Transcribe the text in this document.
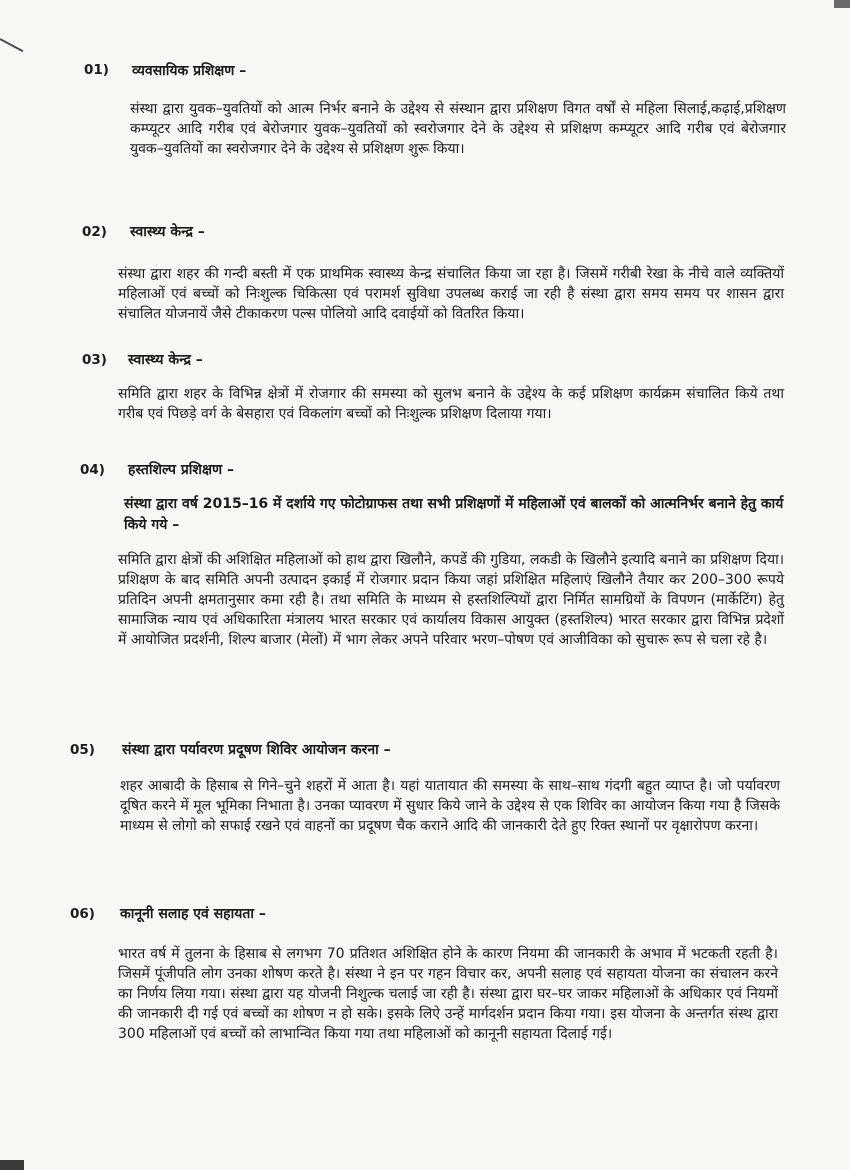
01) व्यवसायिक प्रशिक्षण –
संस्था द्वारा युवक–युवतियों को आत्म निर्भर बनाने के उद्देश्य से संस्थान द्वारा प्रशिक्षण विगत वर्षों से महिला सिलाई,कढ़ाई,प्रशिक्षण कम्प्यूटर आदि गरीब एवं बेरोजगार युवक–युवतियों को स्वरोजगार देने के उद्देश्य से प्रशिक्षण कम्प्यूटर आदि गरीब एवं बेरोजगार युवक–युवतियों का स्वरोजगार देने के उद्देश्य से प्रशिक्षण शुरू किया।
02) स्वास्थ्य केन्द्र –
संस्था द्वारा शहर की गन्दी बस्ती में एक प्राथमिक स्वास्थ्य केन्द्र संचालित किया जा रहा है। जिसमें गरीबी रेखा के नीचे वाले व्यक्तियों महिलाओं एवं बच्चों को निःशुल्क चिकित्सा एवं परामर्श सुविधा उपलब्ध कराई जा रही है संस्था द्वारा समय समय पर शासन द्वारा संचालित योजनायें जैसे टीकाकरण पल्स पोलियो आदि दवाईयों को वितरित किया।
03) स्वास्थ्य केन्द्र –
समिति द्वारा शहर के विभिन्न क्षेत्रों में रोजगार की समस्या को सुलभ बनाने के उद्देश्य के कई प्रशिक्षण कार्यक्रम संचालित किये तथा गरीब एवं पिछड़े वर्ग के बेसहारा एवं विकलांग बच्चों को निःशुल्क प्रशिक्षण दिलाया गया।
04) हस्तशिल्प प्रशिक्षण –
संस्था द्वारा वर्ष 2015–16 में दर्शाये गए फोटोग्राफस तथा सभी प्रशिक्षणों में महिलाओं एवं बालकों को आत्मनिर्भर बनाने हेतु कार्य किये गये –
समिति द्वारा क्षेत्रों की अशिक्षित महिलाओं को हाथ द्वारा खिलौने, कपडें की गुडिया, लकडी के खिलौने इत्यादि बनाने का प्रशिक्षण दिया। प्रशिक्षण के बाद समिति अपनी उत्पादन इकाई में रोजगार प्रदान किया जहां प्रशिक्षित महिलाएं खिलौने तैयार कर 200–300 रूपये प्रतिदिन अपनी क्षमतानुसार कमा रही है। तथा समिति के माध्यम से हस्तशिल्पियों द्वारा निर्मित सामग्रियों के विपणन (मार्केटिंग) हेतु सामाजिक न्याय एवं अधिकारिता मंत्रालय भारत सरकार एवं कार्यालय विकास आयुक्त (हस्तशिल्प) भारत सरकार द्वारा विभिन्न प्रदेशों में आयोजित प्रदर्शनी, शिल्प बाजार (मेलों) में भाग लेकर अपने परिवार भरण–पोषण एवं आजीविका को सुचारू रूप से चला रहे है।
05) संस्था द्वारा पर्यावरण प्रदूषण शिविर आयोजन करना –
शहर आबादी के हिसाब से गिने–चुने शहरों में आता है। यहां यातायात की समस्या के साथ–साथ गंदगी बहुत व्याप्त है। जो पर्यावरण दूषित करने में मूल भूमिका निभाता है। उनका प्यावरण में सुधार किये जाने के उद्देश्य से एक शिविर का आयोजन किया गया है जिसके माध्यम से लोगो को सफाई रखने एवं वाहनों का प्रदूषण चैक कराने आदि की जानकारी देते हुए रिक्त स्थानों पर वृक्षारोपण करना।
06) कानूनी सलाह एवं सहायता –
भारत वर्ष में तुलना के हिसाब से लगभग 70 प्रतिशत अशिक्षित होने के कारण नियमा की जानकारी के अभाव में भटकती रहती है। जिसमें पूंजीपति लोग उनका शोषण करते है। संस्था ने इन पर गहन विचार कर, अपनी सलाह एवं सहायता योजना का संचालन करने का निर्णय लिया गया। संस्था द्वारा यह योजनी निशुल्क चलाई जा रही है। संस्था द्वारा घर–घर जाकर महिलाओं के अधिकार एवं नियमों की जानकारी दी गई एवं बच्चों का शोषण न हो सके। इसके लिऐ उन्हें मार्गदर्शन प्रदान किया गया। इस योजना के अन्तर्गत संस्थ द्वारा 300 महिलाओं एवं बच्चों को लाभान्वित किया गया तथा महिलाओं को कानूनी सहायता दिलाई गई।
